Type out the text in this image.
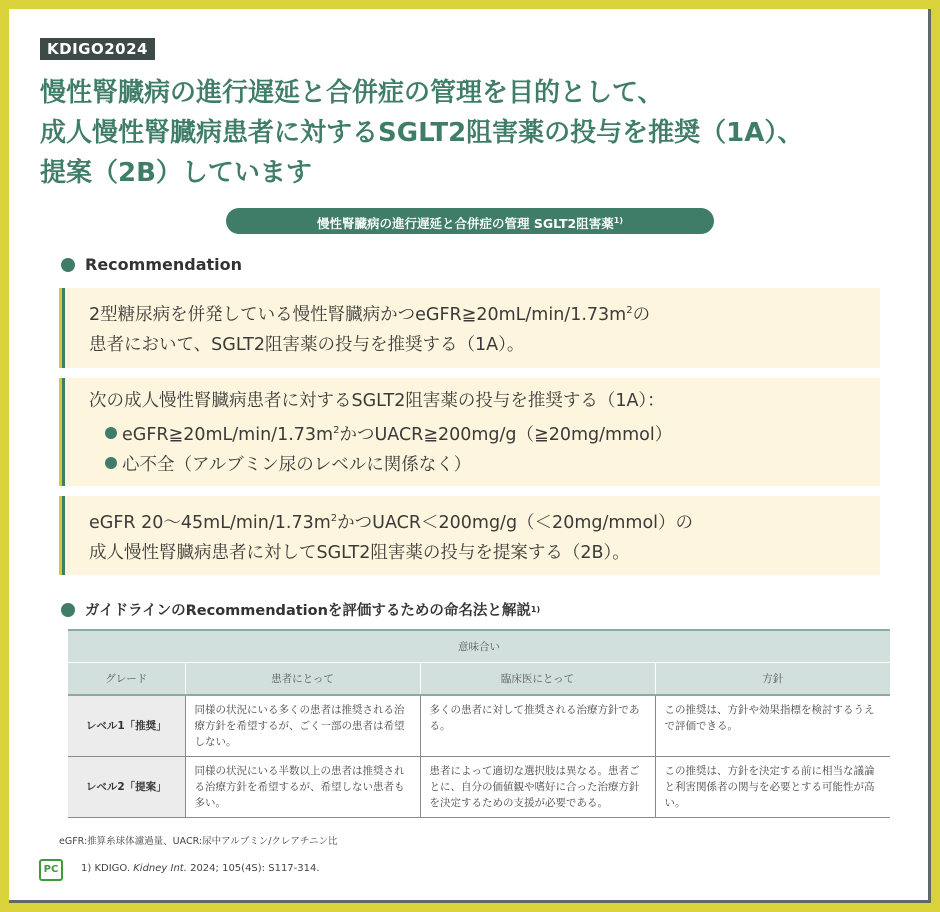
KDIGO2024
慢性腎臓病の進行遅延と合併症の管理を目的として、
成人慢性腎臓病患者に対するSGLT2阻害薬の投与を推奨（1A）、
提案（2B）しています
慢性腎臓病の進行遅延と合併症の管理 SGLT2阻害薬$^{1)}$
Recommendation
2型糖尿病を併発している慢性腎臓病かつ$eGFR≧20mL/\min/1.73m^2$の
患者において、SGLT2阻害薬の投与を推奨する（1A）。
次の成人慢性腎臓病患者に対するSGLT2阻害薬の投与を推奨する（1A）：
$eGFR≧20mL/\min/1.73m^2$かつUACR≧200mg/g（≧20mg/mmol）
心不全（アルブミン尿のレベルに関係なく）
eGFR $20\sim 45mL/\min/1.73m^2$かつUACR＜200mg/g（＜20mg/mmol）の
成人慢性腎臓病患者に対してSGLT2阻害薬の投与を提案する（2B）。
ガイドラインのRecommendationを評価するための命名法と解説 1)
意味合い			
グレード	患者にとって	臨床医にとって	方針
レベル1「推奨」	同様の状況にいる多くの患者は推奨される治療方針を希望するが、ごく一部の患者は希望しない。	多くの患者に対して推奨される治療方針である。	この推奨は、方針や効果指標を検討するうえで評価できる。
レベル2「提案」	同様の状況にいる半数以上の患者は推奨される治療方針を希望するが、希望しない患者も多い。	患者によって適切な選択肢は異なる。患者ごとに、自分の価値観や嗜好に合った治療方針を決定するための支援が必要である。	この推奨は、方針を決定する前に相当な議論と利害関係者の関与を必要とする可能性が高い。
eGFR:推算糸球体濾過量、UACR:尿中アルブミン/クレアチニン比
PC	1) KDIGO. Kidney Int. 2024; 105(4S): S117-314.
